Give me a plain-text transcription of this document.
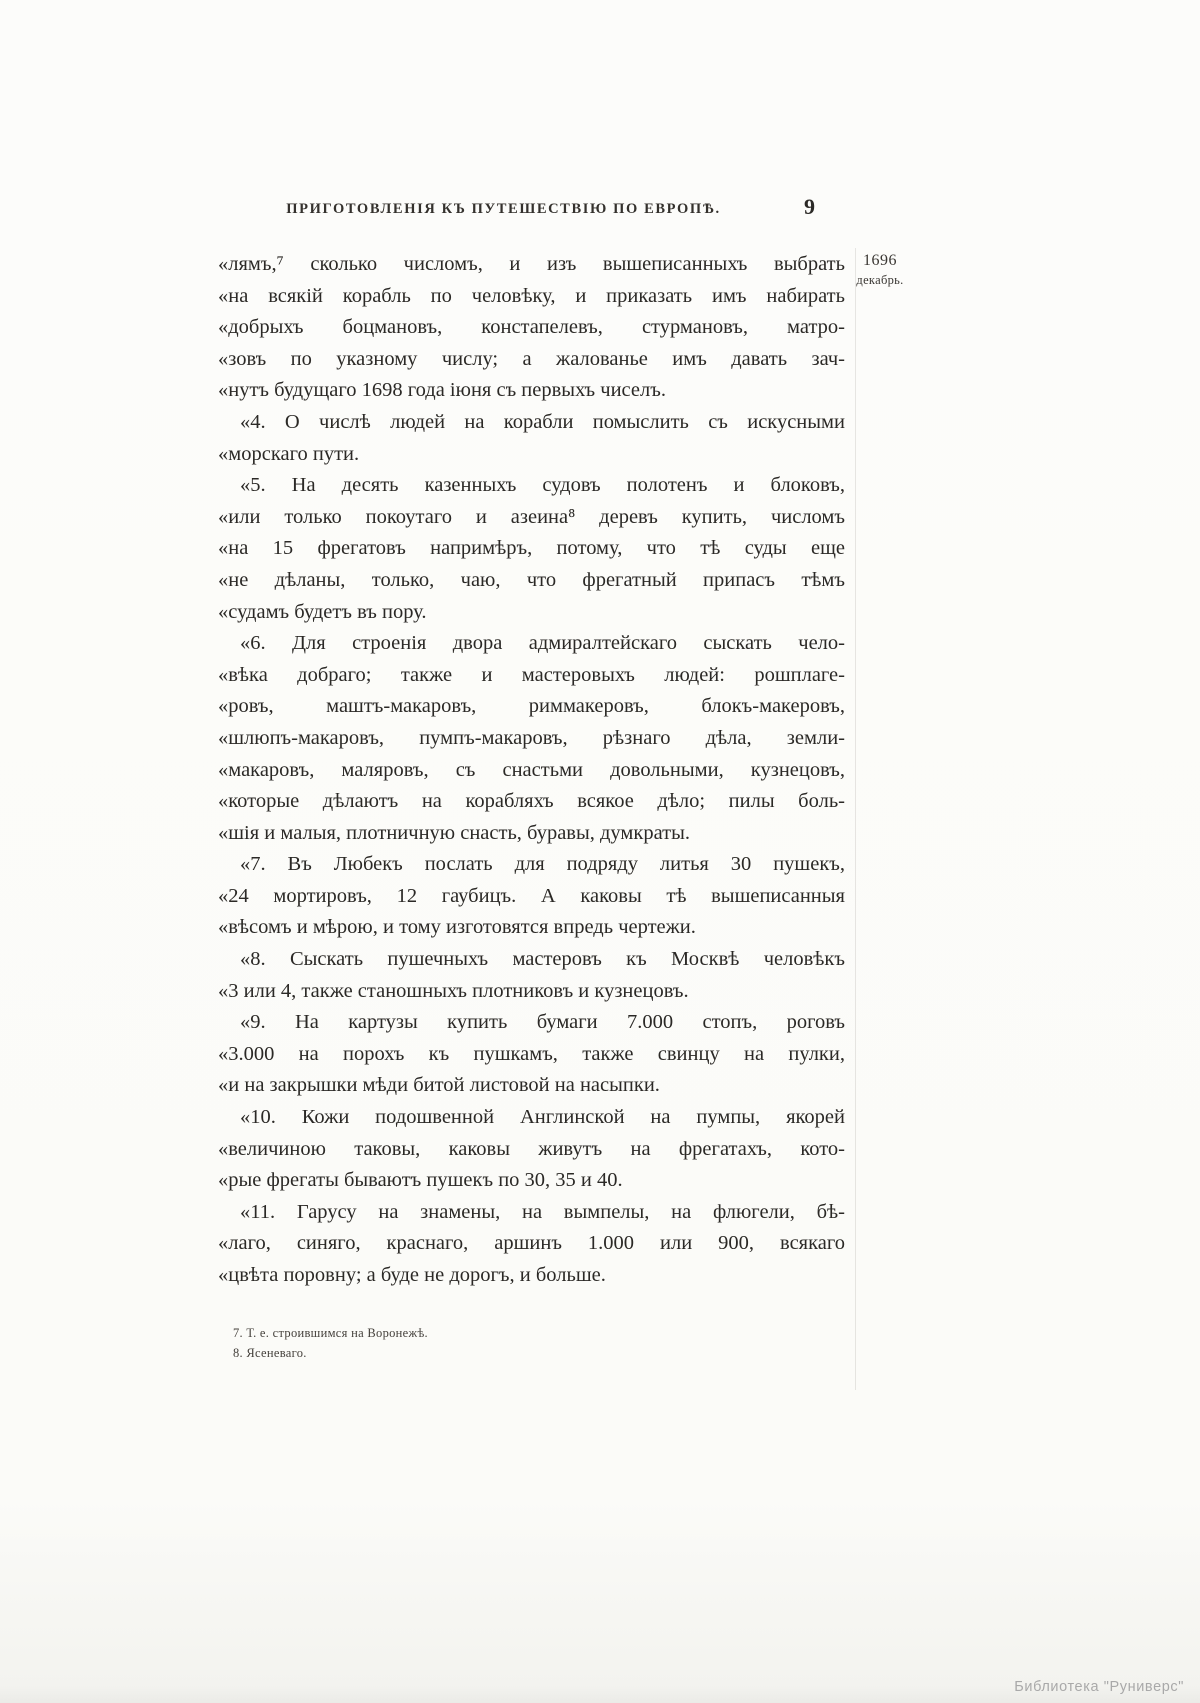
ПРИГОТОВЛЕНІЯ КЪ ПУТЕШЕСТВІЮ ПО ЕВРОПѢ.	9
1696
декабрь.
«лямъ,⁷ сколько числомъ, и изъ вышеписанныхъ выбрать
«на всякій корабль по человѣку, и приказать имъ набирать
«добрыхъ боцмановъ, констапелевъ, стурмановъ, матро-
«зовъ по указному числу; а жалованье имъ давать зач-
«нутъ будущаго 1698 года іюня съ первыхъ чиселъ.
«4. О числѣ людей на корабли помыслить съ искусными
«морскаго пути.
«5. На десять казенныхъ судовъ полотенъ и блоковъ,
«или только покоутаго и азеина⁸ деревъ купить, числомъ
«на 15 фрегатовъ напримѣръ, потому, что тѣ суды еще
«не дѣланы, только, чаю, что фрегатный припасъ тѣмъ
«судамъ будетъ въ пору.
«6. Для строенія двора адмиралтейскаго сыскать чело-
«вѣка добраго; также и мастеровыхъ людей: рошплаге-
«ровъ, маштъ-макаровъ, риммакеровъ, блокъ-макеровъ,
«шлюпъ-макаровъ, пумпъ-макаровъ, рѣзнаго дѣла, земли-
«макаровъ, маляровъ, съ снастьми довольными, кузнецовъ,
«которые дѣлаютъ на корабляхъ всякое дѣло; пилы боль-
«шія и малыя, плотничную снасть, буравы, думкраты.
«7. Въ Любекъ послать для подряду литья 30 пушекъ,
«24 мортировъ, 12 гаубицъ. А каковы тѣ вышеписанныя
«вѣсомъ и мѣрою, и тому изготовятся впредь чертежи.
«8. Сыскать пушечныхъ мастеровъ къ Москвѣ человѣкъ
«3 или 4, также станошныхъ плотниковъ и кузнецовъ.
«9. На картузы купить бумаги 7.000 стопъ, роговъ
«3.000 на порохъ къ пушкамъ, также свинцу на пулки,
«и на закрышки мѣди битой листовой на насыпки.
«10. Кожи подошвенной Англинской на пумпы, якорей
«величиною таковы, каковы живутъ на фрегатахъ, кото-
«рые фрегаты бываютъ пушекъ по 30, 35 и 40.
«11. Гарусу на знамены, на вымпелы, на флюгели, бѣ-
«лаго, синяго, краснаго, аршинъ 1.000 или 900, всякаго
«цвѣта поровну; а буде не дорогъ, и больше.
7. Т. е. строившимся на Воронежѣ.
8. Ясеневаго.
Библиотека "Руниверс"
